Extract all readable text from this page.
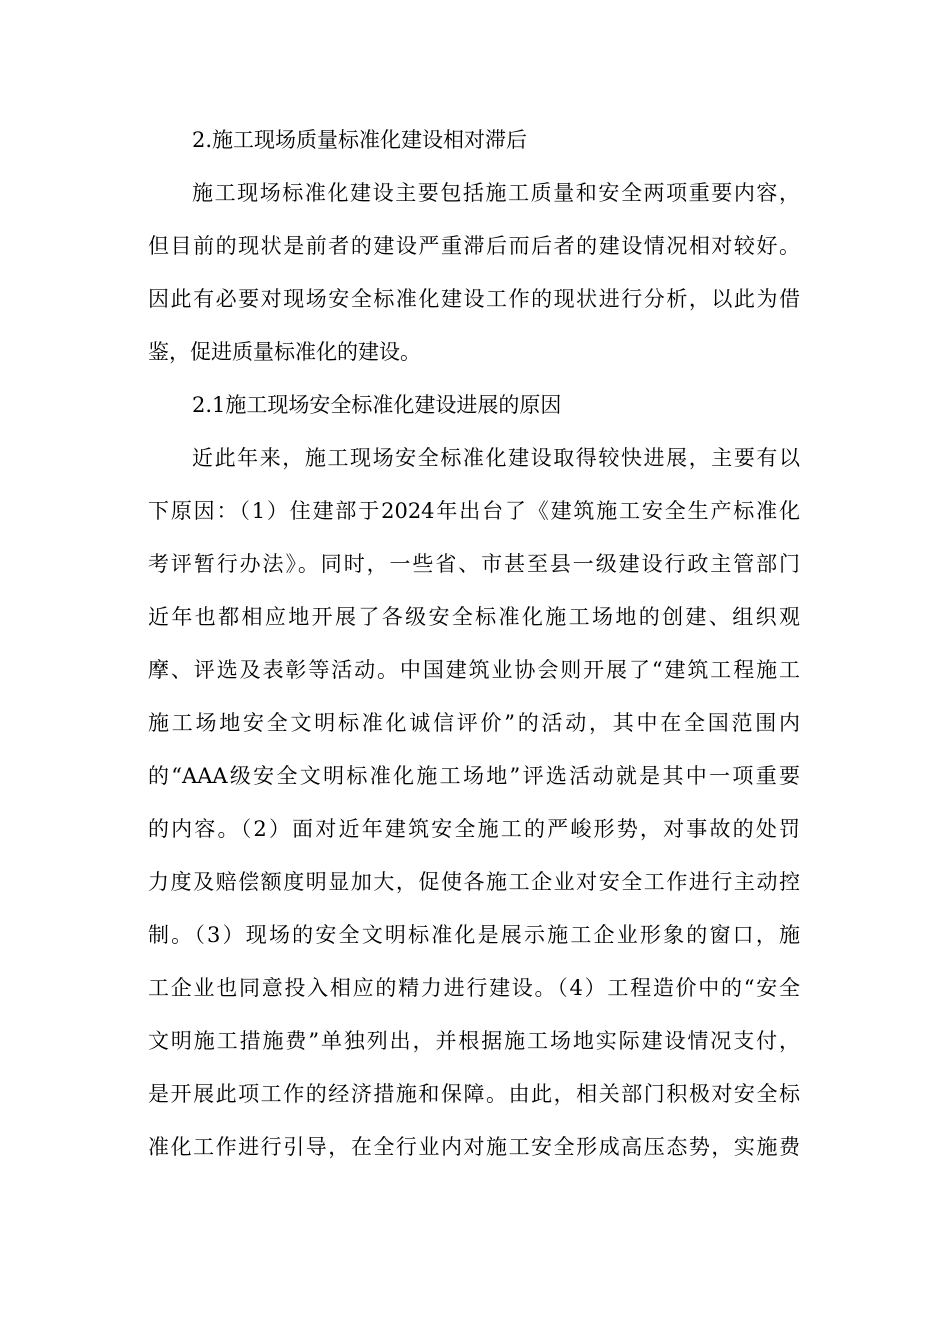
2.施工现场质量标准化建设相对滞后
施工现场标准化建设主要包括施工质量和安全两项重要内容，
但目前的现状是前者的建设严重滞后而后者的建设情况相对较好。
因此有必要对现场安全标准化建设工作的现状进行分析，以此为借
鉴，促进质量标准化的建设。
2.1施工现场安全标准化建设进展的原因
近此年来，施工现场安全标准化建设取得较快进展，主要有以
下原因：（1）住建部于2024年出台了《建筑施工安全生产标准化
考评暂行办法》。同时，一些省、市甚至县一级建设行政主管部门
近年也都相应地开展了各级安全标准化施工场地的创建、组织观
摩、评选及表彰等活动。中国建筑业协会则开展了“建筑工程施工
施工场地安全文明标准化诚信评价”的活动，其中在全国范围内
的“AAA级安全文明标准化施工场地”评选活动就是其中一项重要
的内容。（2）面对近年建筑安全施工的严峻形势，对事故的处罚
力度及赔偿额度明显加大，促使各施工企业对安全工作进行主动控
制。（3）现场的安全文明标准化是展示施工企业形象的窗口，施
工企业也同意投入相应的精力进行建设。（4）工程造价中的“安全
文明施工措施费”单独列出，并根据施工场地实际建设情况支付，
是开展此项工作的经济措施和保障。由此，相关部门积极对安全标
准化工作进行引导，在全行业内对施工安全形成高压态势，实施费
